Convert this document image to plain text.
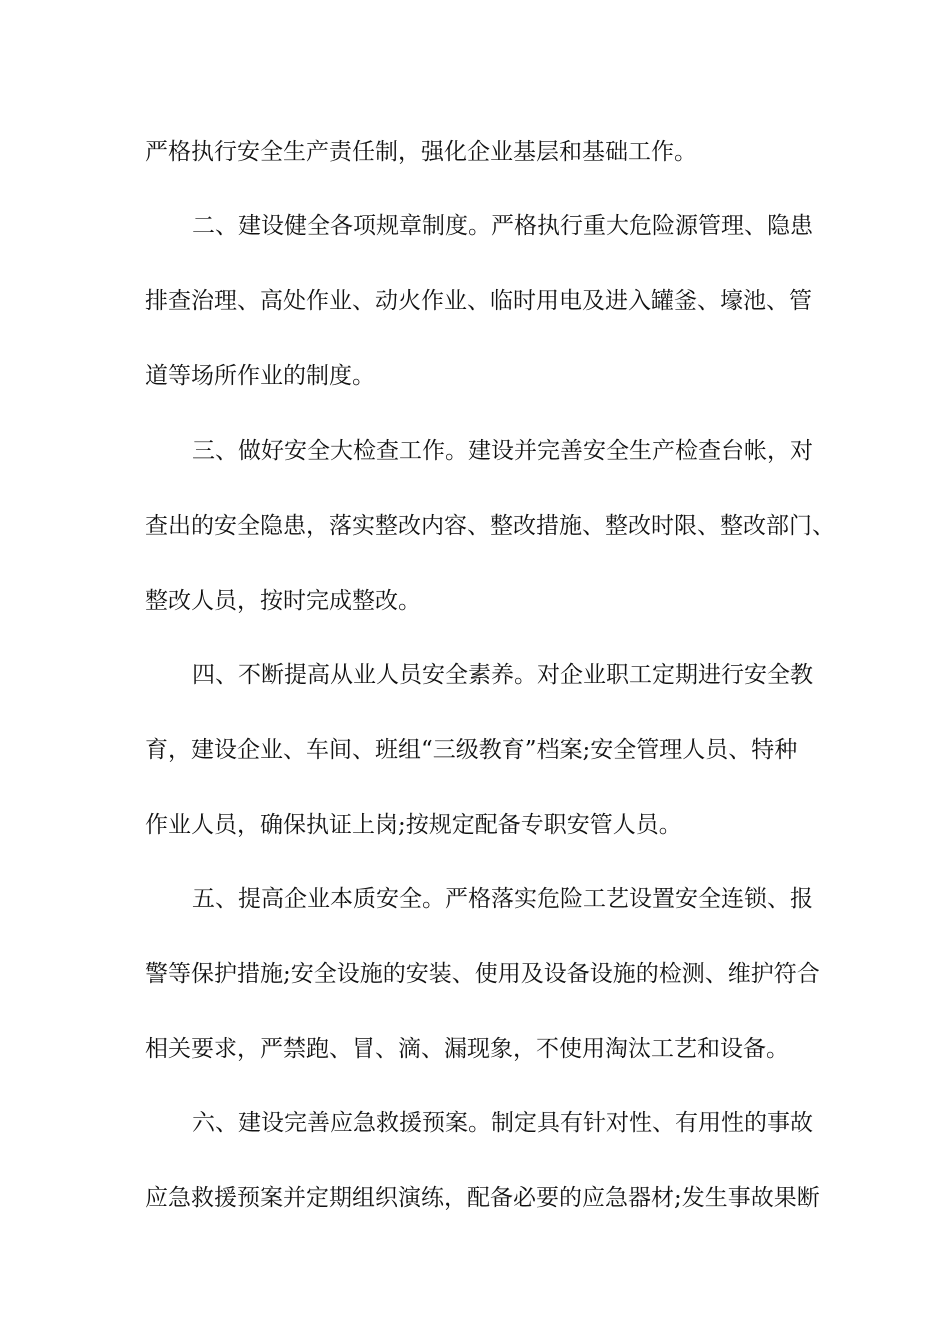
严格执行安全生产责任制，强化企业基层和基础工作。
二、建设健全各项规章制度。严格执行重大危险源管理、隐患
排查治理、高处作业、动火作业、临时用电及进入罐釜、壕池、管
道等场所作业的制度。
三、做好安全大检查工作。建设并完善安全生产检查台帐，对
查出的安全隐患，落实整改内容、整改措施、整改时限、整改部门、
整改人员，按时完成整改。
四、不断提高从业人员安全素养。对企业职工定期进行安全教
育，建设企业、车间、班组“三级教育”档案;安全管理人员、特种
作业人员，确保执证上岗;按规定配备专职安管人员。
五、提高企业本质安全。严格落实危险工艺设置安全连锁、报
警等保护措施;安全设施的安装、使用及设备设施的检测、维护符合
相关要求，严禁跑、冒、滴、漏现象，不使用淘汰工艺和设备。
六、建设完善应急救援预案。制定具有针对性、有用性的事故
应急救援预案并定期组织演练，配备必要的应急器材;发生事故果断
